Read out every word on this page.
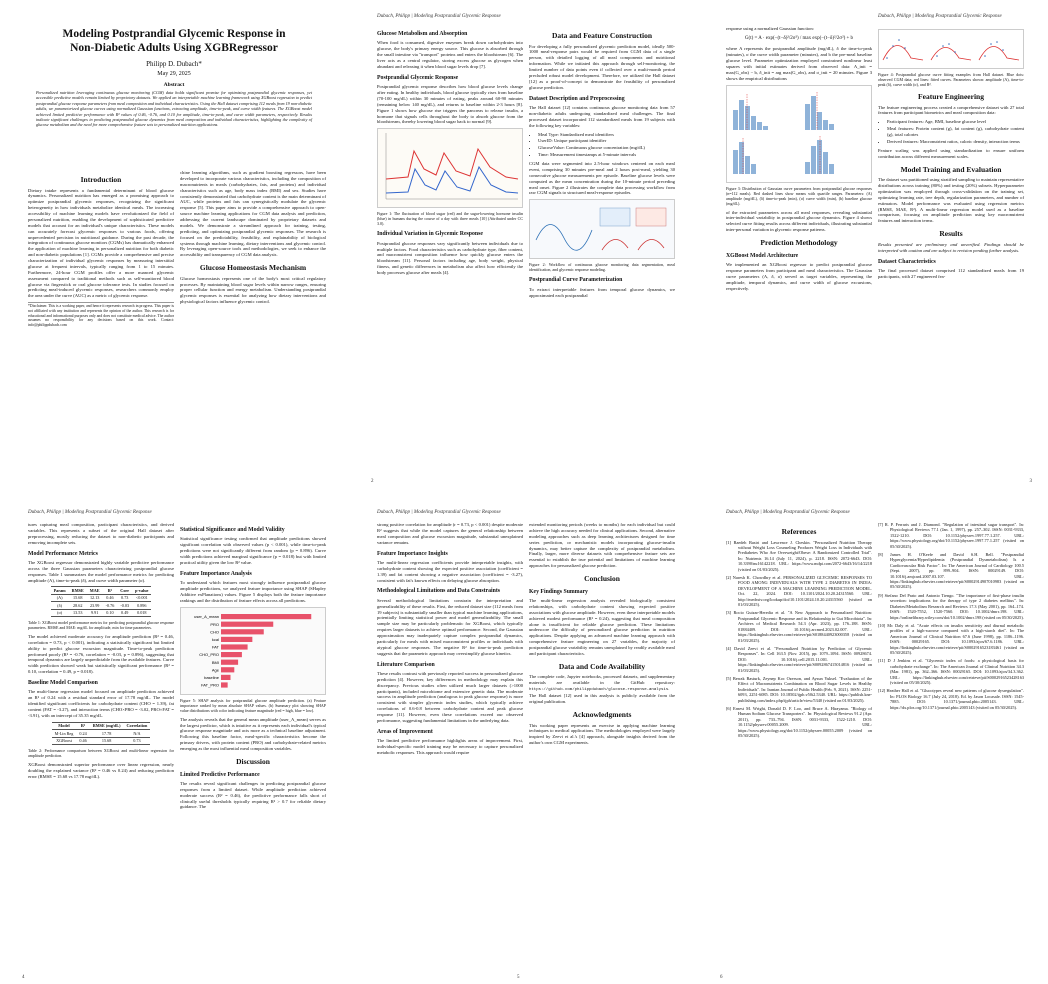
Modeling Postprandial Glycemic Response in
Non-Diabetic Adults Using XGBRegressor
Philipp D. Dubach*
May 29, 2025
Abstract
Personalized nutrition leveraging continuous glucose monitoring (CGM) data holds significant promise for optimizing postprandial glycemic responses, yet accessible predictive models remain limited by proprietary datasets. We applied an interpretable machine learning framework using XGBoost regression to predict postprandial glucose response parameters from meal composition and individual characteristics. Using the Hall dataset comprising 112 meals from 19 non-diabetic adults, we parameterized glucose curves using normalized Gaussian functions, extracting amplitude, time-to-peak, and curve width features. The XGBoost model achieved limited predictive performance with R² values of 0.46, -0.76, and 0.10 for amplitude, time-to-peak, and curve width parameters, respectively. Results indicate significant challenges in predicting postprandial glucose dynamics from meal composition and individual characteristics, highlighting the complexity of glucose metabolism and the need for more comprehensive feature sets in personalized nutrition applications.
Introduction

Dietary intake represents a fundamental determinant of blood glucose dynamics. Personalized nutrition has emerged as a promising approach to optimize postprandial glycemic responses, recognizing the significant heterogeneity in how individuals metabolize identical meals. The increasing accessibility of machine learning models have revolutionized the field of personalized nutrition, enabling the development of sophisticated predictive models that account for an individual's unique characteristics. These models can accurately forecast glycemic responses to various foods, offering unprecedented precision in nutritional guidance. During the past decade, the integration of continuous glucose monitors (CGMs) has dramatically enhanced the application of machine learning in personalized nutrition for both diabetic and non-diabetic populations [1]. CGMs provide a comprehensive and precise characterization of individual glycemic responses by measuring interstitial glucose at frequent intervals, typically ranging from 1 to 15 minutes. Furthermore, 24-hour CGM profiles offer a more nuanced glycemic assessment compared to traditional methods such as self-monitored blood glucose via fingerstick or oral glucose tolerance tests. In studies focused on predicting meal-induced glycemic responses, researchers commonly employ the area under the curve (AUC) as a metric of glycemic response.

*Disclaimer. This is a working paper, and hence it represents research in progress. This paper is not affiliated with any institution and represents the opinion of the author. This research is for educational and informational purposes only and does not constitute medical advice. The author assumes no responsibility for any decisions based on this work. Contact: info@philippdubach.com

chine learning algorithms, such as gradient boosting regressors, have been developed to incorporate various characteristics, including the composition of macronutrients in meals (carbohydrates, fats, and proteins) and individual characteristics such as age, body mass index (BMI) and sex. Studies have consistently demonstrated that carbohydrate content is the main determinant of AUC, while proteins and fats can synergistically modulate the glycemic response [5]. This paper aims to provide a comprehensive approach to open-source machine learning applications for CGM data analysis and prediction, addressing the current landscape dominated by proprietary datasets and models. We demonstrate a streamlined approach for training, testing, predicting, and optimizing postprandial glycemic responses. The research is focused on the predictability, feasibility, and explainability of biological systems through machine learning, dietary interventions and glycemic control. By leveraging open-source tools and methodologies, we seek to enhance the accessibility and transparency of CGM data analysis.

Glucose Homeostasis Mechanism

Glucose homeostasis represents one of the body's most critical regulatory processes. By maintaining blood sugar levels within narrow ranges, ensuring proper cellular function and energy metabolism. Understanding postprandial glycemic responses is essential for analyzing how dietary interventions and physiological factors influence glycemic control.

Dubach, Philipp | Modeling Postprandial Glycemic Response
Glucose Metabolism and Absorption

When food is consumed, digestive enzymes break down carbohydrates into glucose, the body's primary energy source. This glucose is absorbed through the small intestine via "transport" proteins and enters the bloodstream [6]. The liver acts as a central regulator, storing excess glucose as glycogen when abundant and releasing it when blood sugar levels drop [7].

Postprandial Glycemic Response

Postprandial glycemic response describes how blood glucose levels change after eating. In healthy individuals, blood glucose typically rises from baseline (70-100 mg/dL) within 30 minutes of eating, peaks around 60-90 minutes (remaining below 140 mg/dL), and returns to baseline within 2-3 hours [8]. Figure 1 shows how glucose rise triggers the pancreas to release insulin, a hormone that signals cells throughout the body to absorb glucose from the bloodstream, thereby lowering blood sugar back to normal [9].

Figure 1: The fluctuation of blood sugar (red) and the sugar-lowering hormone insulin (blue) in humans during the course of a day with three meals [10] (Attributed under CC 3.0).
Individual Variation in Glycemic Response

Postprandial glucose responses vary significantly between individuals due to multiple factors. Food characteristics such as carbohydrate type, fiber content, and macronutrient composition influence how quickly glucose enters the bloodstream [11]. Personal factors including age, body weight, physical fitness, and genetic differences in metabolism also affect how efficiently the body processes glucose after meals [4].

Data and Feature Construction

For developing a fully personalized glycemic prediction model, ideally 500-1000 meal-response pairs would be required from CGM data of a single person, with detailed logging of all meal components and nutritional information. While we initiated this approach through self-monitoring, the limited number of data points even if collected over a multi-month period precluded robust model development. Therefore, we utilized the Hall dataset [12] as a proof-of-concept to demonstrate the feasibility of personalized glucose prediction.

Dataset Description and Preprocessing

The Hall dataset [12] contains continuous glucose monitoring data from 57 non-diabetic adults undergoing standardized meal challenges. The final processed dataset incorporated 112 standardized meals from 19 subjects with the following key variables:

• Meal Type: Standardized meal identifiers
• UserID: Unique participant identifier
• GlucoseValue: Continuous glucose concentration (mg/dL)
• Time: Measurement timestamps at 5-minute intervals

CGM data were segmented into 2.5-hour windows centered on each meal event, comprising 30 minutes pre-meal and 2 hours post-meal, yielding 30 consecutive glucose measurements per episode. Baseline glucose levels were computed as the mean concentration during the 10-minute period preceding meal onset. Figure 2 illustrates the complete data processing workflow from raw CGM signals to structured meal-response episodes.

Figure 2: Workflow of continuous glucose monitoring data segmentation, meal identification, and glycemic response modeling.
Postprandial Curve Parameterization

To extract interpretable features from temporal glucose dynamics, we approximated each postprandial

2
Dubach, Philipp | Modeling Postprandial Glycemic Response

response using a normalized Gaussian function:

G(t) = A · exp(−(t−δ)²/2σ²) / max exp(−(t−δ)²/2σ²) + b

where A represents the postprandial amplitude (mg/dL), δ the time-to-peak (minutes), σ the curve width parameter (minutes), and b the pre-meal baseline glucose level. Parameter optimization employed constrained nonlinear least squares with initial estimates derived from observed data: A_init = max(G_obs) − b, δ_init = arg max(G_obs), and σ_init = 20 minutes. Figure 3 shows the empirical distributions

Figure 3: Distribution of Gaussian curve parameters from postprandial glucose responses (n=112 meals). Red dashed lines show means with quartile ranges. Parameters: (A) amplitude (mg/dL), (δ) time-to-peak (min), (σ) curve width (min), (b) baseline glucose (mg/dL).

of the extracted parameters across all meal responses, revealing substantial inter-individual variability in postprandial glucose dynamics. Figure 4 shows selected curve fitting results across different individuals, illustrating substantial inter-personal variation in glycemic response patterns.

Prediction Methodology
XGBoost Model Architecture

We implemented an XGBoost regressor to predict postprandial glucose response parameters from participant and meal characteristics. The Gaussian curve parameters (A, δ, σ) served as target variables, representing the amplitude, temporal dynamics, and curve width of glucose excursions, respectively.

Figure 4: Postprandial glucose curve fitting examples from Hall dataset. Blue dots: observed CGM data; red lines: fitted curves. Parameters shown: amplitude (A), time-to-peak (δ), curve width (σ), and R².
Feature Engineering

The feature engineering process created a comprehensive dataset with 27 total features from participant biometrics and meal composition data:

• Participant features: Age, BMI, baseline glucose level
• Meal features: Protein content (g), fat content (g), carbohydrate content (g), total calories
• Derived features: Macronutrient ratios, caloric density, interaction terms

Feature scaling was applied using standardization to ensure uniform contribution across different measurement scales.

Model Training and Evaluation

The dataset was partitioned using stratified sampling to maintain representative distributions across training (80%) and testing (20%) subsets. Hyperparameter optimization was employed through cross-validation on the training set, optimizing learning rate, tree depth, regularization parameters, and number of estimators. Model performance was evaluated using regression metrics (RMSE, MAE, R²). A multi-linear regression model used as a baseline comparison, focusing on amplitude prediction using key macronutrient features and interaction terms.

Results

Results presented are preliminary and unverified. Findings should be interpreted with caution and are subject to revision pending further analysis.

Dataset Characteristics

The final processed dataset comprised 112 standardized meals from 19 participants, with 27 engineered fea-

3
Dubach, Philipp | Modeling Postprandial Glycemic Response

tures capturing meal composition, participant characteristics, and derived variables. This represents a subset of the original Hall dataset after preprocessing, mostly reducing the dataset to non-diabetic participants and removing incomplete sets.

Model Performance Metrics

The XGBoost regressor demonstrated highly variable predictive performance across the three Gaussian parameters characterizing postprandial glucose responses. Table 1 summarizes the model performance metrics for predicting amplitude (A), time-to-peak (δ), and curve width parameter (σ).

Param	RMSE	MAE	R²	Corr	p-value
(A)	15.68	12.13	0.46	0.73	<0.001
(δ)	28.62	23.99	-0.76	-0.03	0.896
(σ)	13.53	9.91	0.10	0.49	0.018
Table 1: XGBoost model performance metrics for predicting postprandial glucose response parameters. RMSE and MAE: mg/dL for amplitude, min for time parameters.

The model achieved moderate accuracy for amplitude prediction (R² = 0.46, correlation = 0.73, p < 0.001), indicating a statistically significant but limited ability to predict glucose excursion magnitude. Time-to-peak prediction performed poorly (R² = -0.76, correlation = -0.03, p = 0.896), suggesting that temporal dynamics are largely unpredictable from the available features. Curve width prediction showed weak but statistically significant performance (R² = 0.10, correlation = 0.49, p = 0.018).

Baseline Model Comparison

The multi-linear regression model focused on amplitude prediction achieved an R² of 0.24 with a residual standard error of 17.78 mg/dL. The model identified significant coefficients for carbohydrate content (CHO = 1.39), fat content (FAT = -3.27), and interaction terms (CHO×PRO = -3.02, PRO×FAT = -3.91), with an intercept of 35.35 mg/dL.

Model	R²	RMSE (mg/dL)	Correlation
M-Lin Reg	0.24	17.78	N/A
XGBoost	0.46	15.68	0.73
Table 2: Performance comparison between XGBoost and multi-linear regression for amplitude prediction.

XGBoost demonstrated superior performance over linear regression, nearly doubling the explained variance (R² = 0.46 vs 0.24) and reducing prediction error (RMSE = 15.68 vs 17.78 mg/dL).

Statistical Significance and Model Validity

Statistical significance testing confirmed that amplitude predictions showed significant correlation with observed values (p < 0.001), while time-to-peak predictions were not significantly different from random (p = 0.896). Curve width predictions achieved marginal significance (p = 0.018) but with limited practical utility given the low R² value.

Feature Importance Analysis

To understand which features most strongly influence postprandial glucose amplitude predictions, we analyzed feature importance using SHAP (SHapley Additive exPlanations) values. Figure 5 displays both the feature importance rankings and the distribution of feature effects across all predictions.

user_A_mean
PRO
CHO
kcal
FAT
CHO_PRO
BMI
Age
baseline
FAT_PRO
Figure 5: SHAP analysis for postprandial glucose amplitude prediction. (a) Feature importance ranked by mean absolute SHAP values. (b) Summary plot showing SHAP value distributions with color indicating feature magnitude (red = high, blue = low).

The analysis reveals that the general mean amplitude (user_A_mean) serves as the largest predictor, which is intuitive as it represents each individual's typical glucose response magnitude and acts more as a technical baseline adjustment. Following this baseline factor, meal-specific characteristics become the primary drivers, with protein content (PRO) and carbohydrate-related metrics emerging as the most influential meal composition variables.

Discussion
Limited Predictive Performance

The results reveal significant challenges in predicting postprandial glucose responses from a limited dataset. While amplitude prediction achieved moderate success (R² = 0.46), the predictive performance falls short of clinically useful thresholds typically requiring R² > 0.7 for reliable dietary guidance. The

4
Dubach, Philipp | Modeling Postprandial Glycemic Response

strong positive correlation for amplitude (r = 0.73, p < 0.001) despite moderate R² suggests that while the model captures the general relationship between meal composition and glucose excursion magnitude, substantial unexplained variance remains.

Feature Importance Insights

The multi-linear regression coefficients provide interpretable insights, with carbohydrate content showing the expected positive association (coefficient = 1.39) and fat content showing a negative association (coefficient = -3.27), consistent with fat's known effects on delaying glucose absorption.

Methodological Limitations and Data Constraints

Several methodological limitations constrain the interpretation and generalizability of these results. First, the reduced dataset size (112 meals from 19 subjects) is substantially smaller than typical machine learning applications, potentially limiting statistical power and model generalizability. The small sample size may be particularly problematic for XGBoost, which typically requires larger datasets to achieve optimal performance. Second, the Gaussian approximation may inadequately capture complex postprandial dynamics, particularly for meals with mixed macronutrient profiles or individuals with atypical glucose responses. The negative R² for time-to-peak prediction suggests that the parametric approach may oversimplify glucose kinetics.

Literature Comparison

These results contrast with previously reported success in personalized glucose prediction [4]. However, key differences in methodology may explain this discrepancy. Previous studies often utilized much larger datasets (>1000 participants), included microbiome and extensive genetic data. The moderate success in amplitude prediction (analogous to peak glucose response) is more consistent with simpler glycemic index studies, which typically achieve correlations of 0.6-0.8 between carbohydrate content and peak glucose response [11]. However, even these correlations exceed our observed performance, suggesting fundamental limitations in the underlying data.

Areas of Improvement

The limited predictive performance highlights areas of improvement. First, individual-specific model training may be necessary to capture personalized metabolic responses. This approach would require

extended monitoring periods (weeks to months) for each individual but could achieve the high accuracy needed for clinical applications. Second, alternative modeling approaches such as deep learning architectures designed for time series prediction, or mechanistic models incorporating glucose-insulin dynamics, may better capture the complexity of postprandial metabolism. Finally, larger, more diverse datasets with comprehensive feature sets are essential to establish the true potential and limitations of machine learning approaches for personalized glucose prediction.

Conclusion
Key Findings Summary

The multi-linear regression analysis revealed biologically consistent relationships, with carbohydrate content showing expected positive associations with glucose amplitude. However, even these interpretable models achieved modest performance (R² = 0.24), suggesting that meal composition alone is insufficient for reliable glucose prediction. These limitations underscore the difficulty of personalized glucose prediction in nutrition applications. Despite applying an advanced machine learning approach with comprehensive feature engineering on 27 variables, the majority of postprandial glucose variability remains unexplained by readily available meal and participant characteristics.

Data and Code Availability

The complete code, Jupyter notebooks, processed datasets, and supplementary materials are available in the GitHub repository: https://github.com/philippdubach/glucose-response-analysis. The Hall dataset [12] used in this analysis is publicly available from the original publication.

Acknowledgments

This working paper represents an exercise in applying machine learning techniques to medical applications. The methodologies employed were largely inspired by Zeevi et al.'s [4] approach, alongside insights derived from the author's own CGM experiments.

5
Dubach, Philipp | Modeling Postprandial Glycemic Response
References
[1] Raedeh Basiri and Lawrence J. Cheskin. "Personalized Nutrition Therapy without Weight Loss Counseling Produces Weight Loss in Individuals with Prediabetes Who Are Overweight/Obese: A Randomized Controlled Trial". In: Nutrients 16.14 (July 11, 2024), p. 2218. ISSN: 2072-6643. DOI: 10.3390/nu16142218. URL: https://www.mdpi.com/2072-6643/16/14/2218 (visited on 01/03/2025).
[2] Naresh K. Chowdhry et al. PERSONALIZED GLYCEMIC RESPONSES TO FOOD AMONG INDIVIDUALS WITH TYPE 2 DIABETES IN INDIA: DEVELOPMENT OF A MACHINE LEARNING PREDICTION MODEL. Oct. 22, 2024. DOI: 10.1101/2024.10.20.24315560. URL: http://medrxiv.org/lookup/doi/10.1101/2024.10.20.24315560 (visited on 01/03/2025).
[3] Rocio Guizar-Heredia et al. "A New Approach to Personalized Nutrition: Postprandial Glycemic Response and its Relationship to Gut Microbiota". In: Archives of Medical Research 54.3 (Apr. 2023), pp. 176–188. ISSN: 01884409. DOI: 10.1016/j.arcmed.2023.02.007. URL: https://linkinghub.elsevier.com/retrieve/pii/S0188440923000358 (visited on 01/03/2025).
[4] David Zeevi et al. "Personalized Nutrition by Prediction of Glycemic Responses". In: Cell 163.5 (Nov. 2015), pp. 1079–1094. ISSN: 00928674. DOI: 10.1016/j.cell.2015.11.001. URL: https://linkinghub.elsevier.com/retrieve/pii/S0092867415014816 (visited on 01/03/2025).
[5] Berrak Basturk, Zeynep Koc Ozerson, and Aysun Yuksel. "Evaluation of the Effect of Macronutrients Combination on Blood Sugar Levels in Healthy Individuals". In: Iranian Journal of Public Health (Feb. 9, 2021). ISSN: 2251-6093, 2251-6085. DOI: 10.18502/ijph.v50i2.5340. URL: https://publish.kne-publishing.com/index.php/ijph/article/view/5340 (visited on 01/03/2025).
[6] Ernest M. Wright, Donald D. F. Loo, and Bruce A. Hirayama. "Biology of Human Sodium Glucose Transporters". In: Physiological Reviews 91.2 (Apr. 2011), pp. 733–794. ISSN: 0031-9333, 1522-1210. DOI: 10.1152/physrev.00055.2009. URL: https://www.physiology.org/doi/10.1152/physrev.00055.2009 (visited on 05/30/2025).
[7] R. P. Ferraris and J. Diamond. "Regulation of intestinal sugar transport". In: Physiological Reviews 77.1 (Jan. 1, 1997), pp. 257–302. ISSN: 0031-9333, 1522-1210. DOI: 10.1152/physrev.1997.77.1.257. URL: https://www.physiology.org/doi/10.1152/physrev.1997.77.1.257 (visited on 05/30/2025).
[8] James H. O'Keefe and David S.H. Bell. "Postprandial Hyperglycemia/Hyperlipidemia (Postprandial Dysmetabolism) Is a Cardiovascular Risk Factor". In: The American Journal of Cardiology 100.5 (Sept. 2007), pp. 899–904. ISSN: 00029149. DOI: 10.1016/j.amjcard.2007.03.107. URL: https://linkinghub.elsevier.com/retrieve/pii/S0002914907010983 (visited on 05/30/2025).
[9] Stefano Del Prato and Antonio Tiengo. "The importance of first-phase insulin secretion: implications for the therapy of type 2 diabetes mellitus". In: Diabetes/Metabolism Research and Reviews 17.3 (May 2001), pp. 164–174. ISSN: 1520-7552, 1520-7560. DOI: 10.1002/dmrr.198. URL: https://onlinelibrary.wiley.com/doi/10.1002/dmrr.198 (visited on 05/30/2025).
[10] Mc Daly et al. "Acute effects on insulin sensitivity and diurnal metabolic profiles of a high-sucrose compared with a high-starch diet". In: The American Journal of Clinical Nutrition 67.6 (June 1998), pp. 1186–1196. ISSN: 00029165. DOI: 10.1093/ajcn/67.6.1186. URL: https://linkinghub.elsevier.com/retrieve/pii/S0002916523183461 (visited on 05/30/2025).
[11] D J Jenkins et al. "Glycemic index of foods: a physiological basis for carbohydrate exchange". In: The American Journal of Clinical Nutrition 34.3 (Mar. 1981), pp. 362–366. ISSN: 00029165. DOI: 10.1093/ajcn/34.3.362. URL: https://linkinghub.elsevier.com/retrieve/pii/S0002916523428163 (visited on 05/30/2025).
[12] Heather Hall et al. "Glucotypes reveal new patterns of glucose dysregulation". In: PLOS Biology 16.7 (July 24, 2018). Ed. by Jason Locasale. ISSN: 1545-7885. DOI: 10.1371/journal.pbio.2005143. URL: https://dx.plos.org/10.1371/journal.pbio.2005143 (visited on 05/30/2025).
6
